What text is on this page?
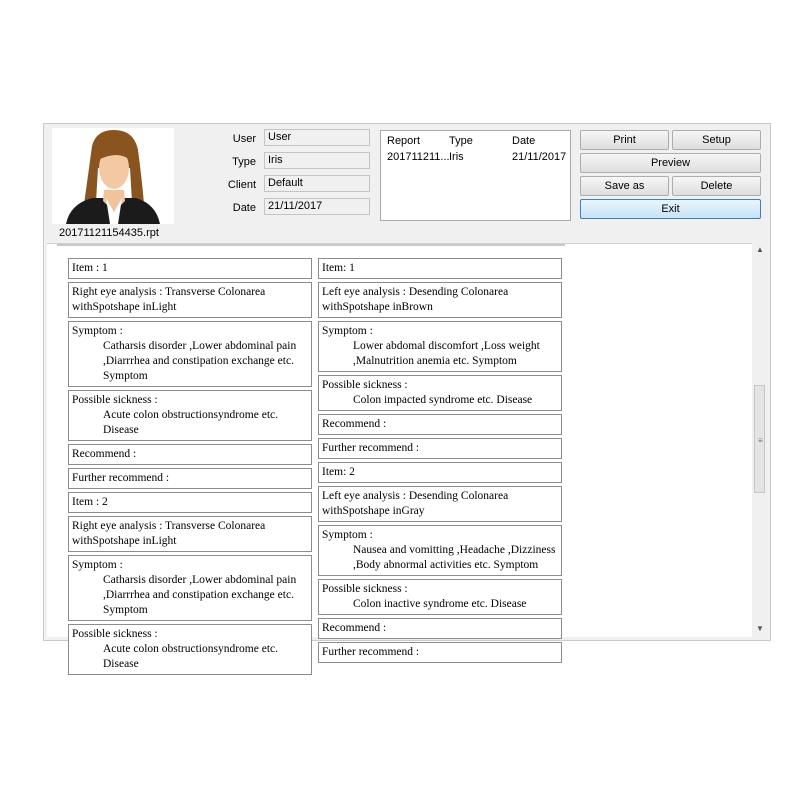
20171121154435.rpt
User	User
Type	Iris
Client	Default
Date	21/11/2017
Report	Type	Date
201711211... Iris	21/11/2017
Print	Setup
Preview
Save as	Delete
Exit
Item : 1
Right eye analysis : Transverse Colonarea withSpotshape inLight
Symptom :
Catharsis disorder ,Lower abdominal pain ,Diarrrhea and constipation exchange etc. Symptom
Possible sickness :
Acute colon obstructionsyndrome etc. Disease
Recommend :
Further recommend :
Item : 2
Right eye analysis : Transverse Colonarea withSpotshape inLight
Symptom :
Catharsis disorder ,Lower abdominal pain ,Diarrrhea and constipation exchange etc. Symptom
Possible sickness :
Acute colon obstructionsyndrome etc. Disease
Item: 1
Left eye analysis : Desending Colonarea withSpotshape inBrown
Symptom :
Lower abdomal discomfort ,Loss weight ,Malnutrition anemia etc. Symptom
Possible sickness :
Colon impacted syndrome etc. Disease
Recommend :
Further recommend :
Item: 2
Left eye analysis : Desending Colonarea withSpotshape inGray
Symptom :
Nausea and vomitting ,Headache ,Dizziness ,Body abnormal activities etc. Symptom
Possible sickness :
Colon inactive syndrome etc. Disease
Recommend :
Further recommend :
▲
≡
▼
